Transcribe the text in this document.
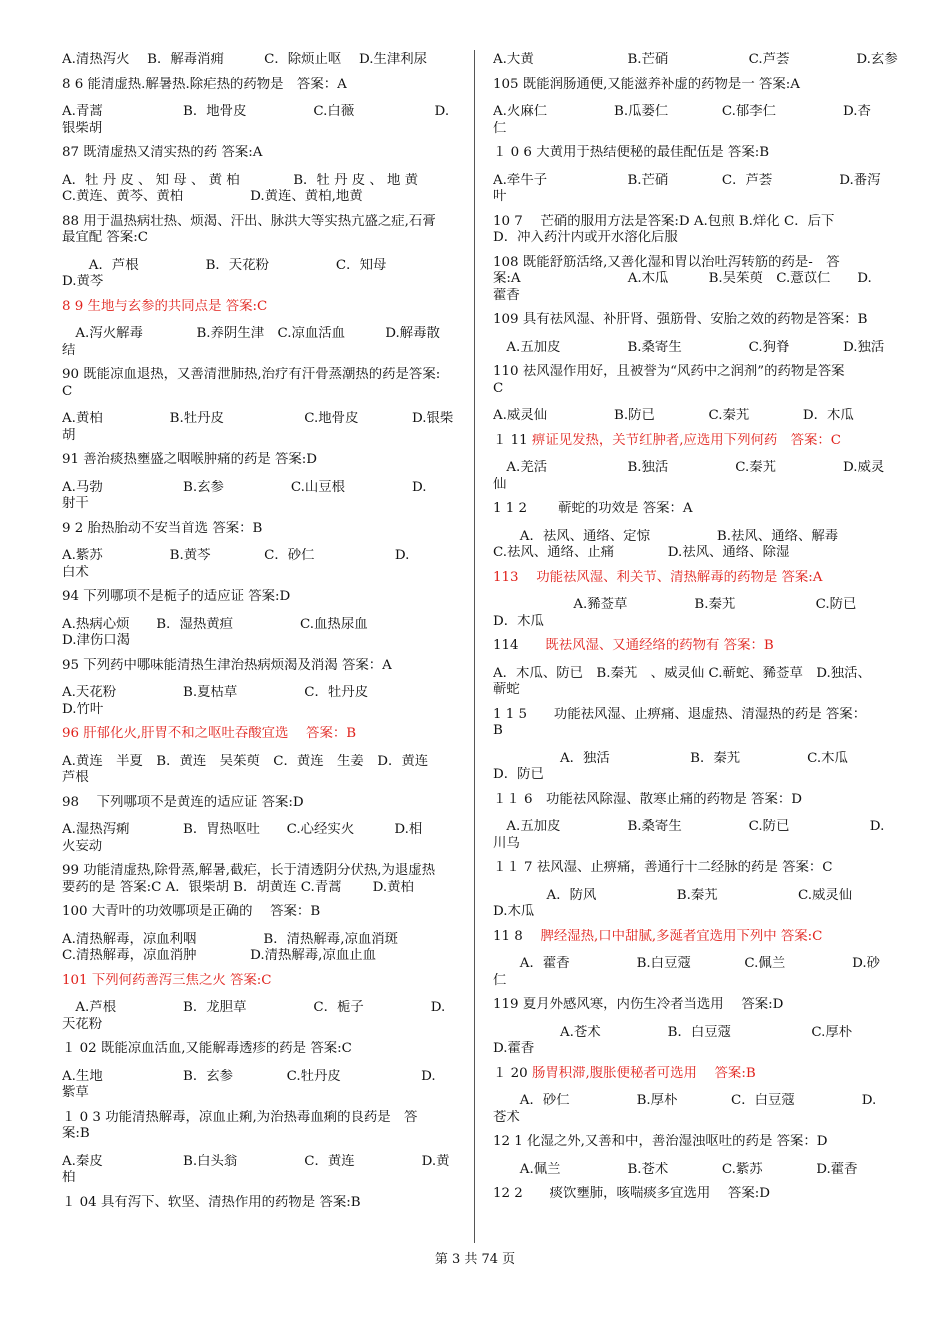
A.清热泻火　 B．解毒消痈　　　C．除烦止呕　 D.生津利尿
8 6 能清虚热.解暑热.除疟热的药物是　答案：A
A.青蒿　　　　　　B．地骨皮　　　　　C.白薇　　　　　　D.
银柴胡
87 既清虚热又清实热的药 答案:A
A．牡 丹 皮 、 知 母 、 黄 柏　　　　B．牡 丹 皮 、 地 黄
C.黄连、黄芩、黄柏　　　　　D.黄连、黄柏,地黄
88 用于温热病壮热、烦渴、汗出、脉洪大等实热亢盛之症,石膏
最宜配 答案:C
　　A．芦根　　　　　B．天花粉　　　　　C．知母
D.黄芩
8 9 生地与玄参的共同点是 答案:C
　A.泻火解毒　　　　B.养阴生津　C.凉血活血　　　D.解毒散
结
90 既能凉血退热，又善清泄肺热,治疗有汗骨蒸潮热的药是答案:
C
A.黄柏　　　　　B.牡丹皮　　　　　　C.地骨皮　　　　D.银柴
胡
91 善治痰热壅盛之咽喉肿痛的药是 答案:D
A.马勃　　　　　　B.玄参　　　　　C.山豆根　　　　　D.
射干
9 2 胎热胎动不安当首选 答案：B
A.紫苏　　　　　B.黄芩　　　　C．砂仁　　　　　　D.
白术
94 下列哪项不是栀子的适应证 答案:D
A.热病心烦　　B．湿热黄疸　　　　　C.血热尿血
D.津伤口渴
95 下列药中哪味能清热生津治热病烦渴及消渴 答案：A
A.天花粉　　　　　B.夏枯草　　　　　C．牡丹皮
D.竹叶
96 肝郁化火,肝胃不和之呕吐吞酸宜选　 答案：B
A.黄连　半夏　B．黄连　吴茱萸　C．黄连　生姜　D．黄连
芦根
98　 下列哪项不是黄连的适应证 答案:D
A.湿热泻痢　　　　B．胃热呕吐　　C.心经实火　　　D.相
火妄动
99 功能清虚热,除骨蒸,解暑,截疟，长于清透阴分伏热,为退虚热
要药的是 答案:C A．银柴胡 B．胡黄连 C.青蒿　　 D.黄柏
100 大青叶的功效哪项是正确的　 答案：B
A.清热解毒，凉血利咽　　　　　B．清热解毒,凉血消斑
C.清热解毒，凉血消肿　　　　D.清热解毒,凉血止血
101 下列何药善泻三焦之火 答案:C
　A.芦根　　　　　B．龙胆草　　　　　C．栀子　　　　　D.
天花粉
１ 02 既能凉血活血,又能解毒透疹的药是 答案:C
A.生地　　　　　　B．玄参　　　　C.牡丹皮　　　　　　D.
紫草
１ 0 3 功能清热解毒，凉血止痢,为治热毒血痢的良药是　答
案:B
A.秦皮　　　　　　B.白头翁　　　　　C．黄连　　　　　D.黄
柏
１ 04 具有泻下、软坚、清热作用的药物是 答案:B
A.大黄　　　　　　　B.芒硝　　　　　　C.芦荟　　　　　D.玄参
105 既能润肠通便,又能滋养补虚的药物是一 答案:A
A.火麻仁　　　　　B.瓜蒌仁　　　　C.郁李仁　　　　　D.杏
仁
１ 0 6 大黄用于热结便秘的最佳配伍是 答案:B
A.牵牛子　　　　　　B.芒硝　　　　C．芦荟　　　　　D.番泻
叶
10 7　 芒硝的服用方法是答案:D A.包煎 B.烊化 C．后下
D．冲入药汁内或开水溶化后服
108 既能舒筋活络,又善化湿和胃以治吐泻转筋的药是-　答
案:A　　　　　　　　A.木瓜　　　B.吴茱萸　C.薏苡仁　　D.
藿香
109 具有祛风湿、补肝肾、强筋骨、安胎之效的药物是答案：B
　A.五加皮　　　　　B.桑寄生　　　　　C.狗脊　　　　D.独活
110 祛风湿作用好，且被誉为“风药中之润剂”的药物是答案
C
A.威灵仙　　　　　B.防已　　　　C.秦艽　　　　D．木瓜
１ 11 痹证见发热，关节红肿者,应选用下列何药　答案：C
　A.羌活　　　　　　B.独活　　　　　C.秦艽　　　　　D.威灵
仙
1 1 2　　 蕲蛇的功效是 答案：A
　　A．祛风、通络、定惊　　　　　B.祛风、通络、解毒
C.祛风、通络、止痛　　　　D.祛风、通络、除湿
113　 功能祛风湿、利关节、清热解毒的药物是 答案:A
　　　　　　A.豨莶草　　　　　B.秦艽　　　　　　C.防已
D．木瓜
114　　既祛风湿、又通经络的药物有 答案：B
A．木瓜、防已　B.秦艽　、威灵仙 C.蕲蛇、豨莶草　D.独活、
蕲蛇
1 1 5　　功能祛风湿、止痹痛、退虚热、清湿热的药是 答案：
B
　　　　　A．独活　　　　　　B．秦艽　　　　　C.木瓜
D．防已
１１ 6　功能祛风除湿、散寒止痛的药物是 答案：D
　A.五加皮　　　　　B.桑寄生　　　　　C.防已　　　　　　D.
川乌
１１ 7 祛风湿、止痹痛，善通行十二经脉的药是 答案：C
　　　　A．防风　　　　　　B.秦艽　　　　　　C.威灵仙
D.木瓜
11 8　 脾经湿热,口中甜腻,多涎者宜选用下列中 答案:C
　　A．藿香　　　　　B.白豆蔻　　　　C.佩兰　　　　　D.砂
仁
119 夏月外感风寒，内伤生冷者当选用　 答案:D
　　　　　A.苍术　　　　　B．白豆蔻　　　　　　C.厚朴
D.藿香
１ 20 肠胃积滞,腹胀便秘者可选用　 答案:B
　　A．砂仁　　　　　B.厚朴　　　　C．白豆蔻　　　　　D.
苍术
12 1 化湿之外,又善和中，善治湿浊呕吐的药是 答案：D
　　A.佩兰　　　　　B.苍术　　　　C.紫苏　　　　D.藿香
12 2　　痰饮壅肺，咳喘痰多宜选用　 答案:D
第 3 共 74 页
